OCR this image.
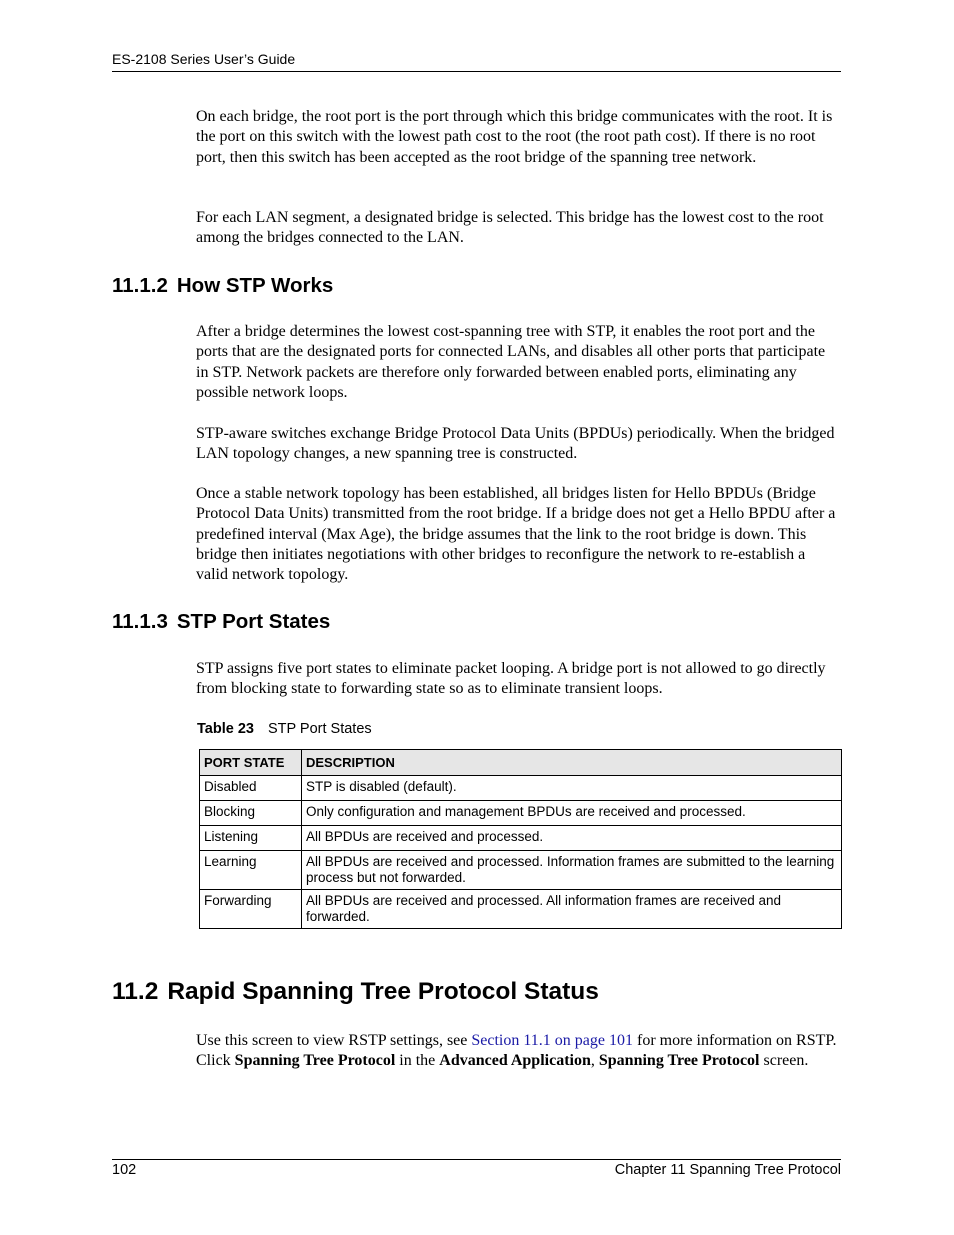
ES-2108 Series User’s Guide

On each bridge, the root port is the port through which this bridge communicates with the root. It is the port on this switch with the lowest path cost to the root (the root path cost). If there is no root port, then this switch has been accepted as the root bridge of the spanning tree network.

For each LAN segment, a designated bridge is selected. This bridge has the lowest cost to the root among the bridges connected to the LAN.

11.1.2 How STP Works

After a bridge determines the lowest cost-spanning tree with STP, it enables the root port and the ports that are the designated ports for connected LANs, and disables all other ports that participate in STP. Network packets are therefore only forwarded between enabled ports, eliminating any possible network loops.

STP-aware switches exchange Bridge Protocol Data Units (BPDUs) periodically. When the bridged LAN topology changes, a new spanning tree is constructed.

Once a stable network topology has been established, all bridges listen for Hello BPDUs (Bridge Protocol Data Units) transmitted from the root bridge. If a bridge does not get a Hello BPDU after a predefined interval (Max Age), the bridge assumes that the link to the root bridge is down. This bridge then initiates negotiations with other bridges to reconfigure the network to re-establish a valid network topology.

11.1.3 STP Port States

STP assigns five port states to eliminate packet looping. A bridge port is not allowed to go directly from blocking state to forwarding state so as to eliminate transient loops.

Table 23 STP Port States
PORT STATE	DESCRIPTION
Disabled	STP is disabled (default).
Blocking	Only configuration and management BPDUs are received and processed.
Listening	All BPDUs are received and processed.
Learning	All BPDUs are received and processed. Information frames are submitted to the learning process but not forwarded.
Forwarding	All BPDUs are received and processed. All information frames are received and forwarded.
11.2 Rapid Spanning Tree Protocol Status

Use this screen to view RSTP settings, see Section 11.1 on page 101 for more information on RSTP. Click Spanning Tree Protocol in the Advanced Application, Spanning Tree Protocol screen.

102	Chapter 11 Spanning Tree Protocol
